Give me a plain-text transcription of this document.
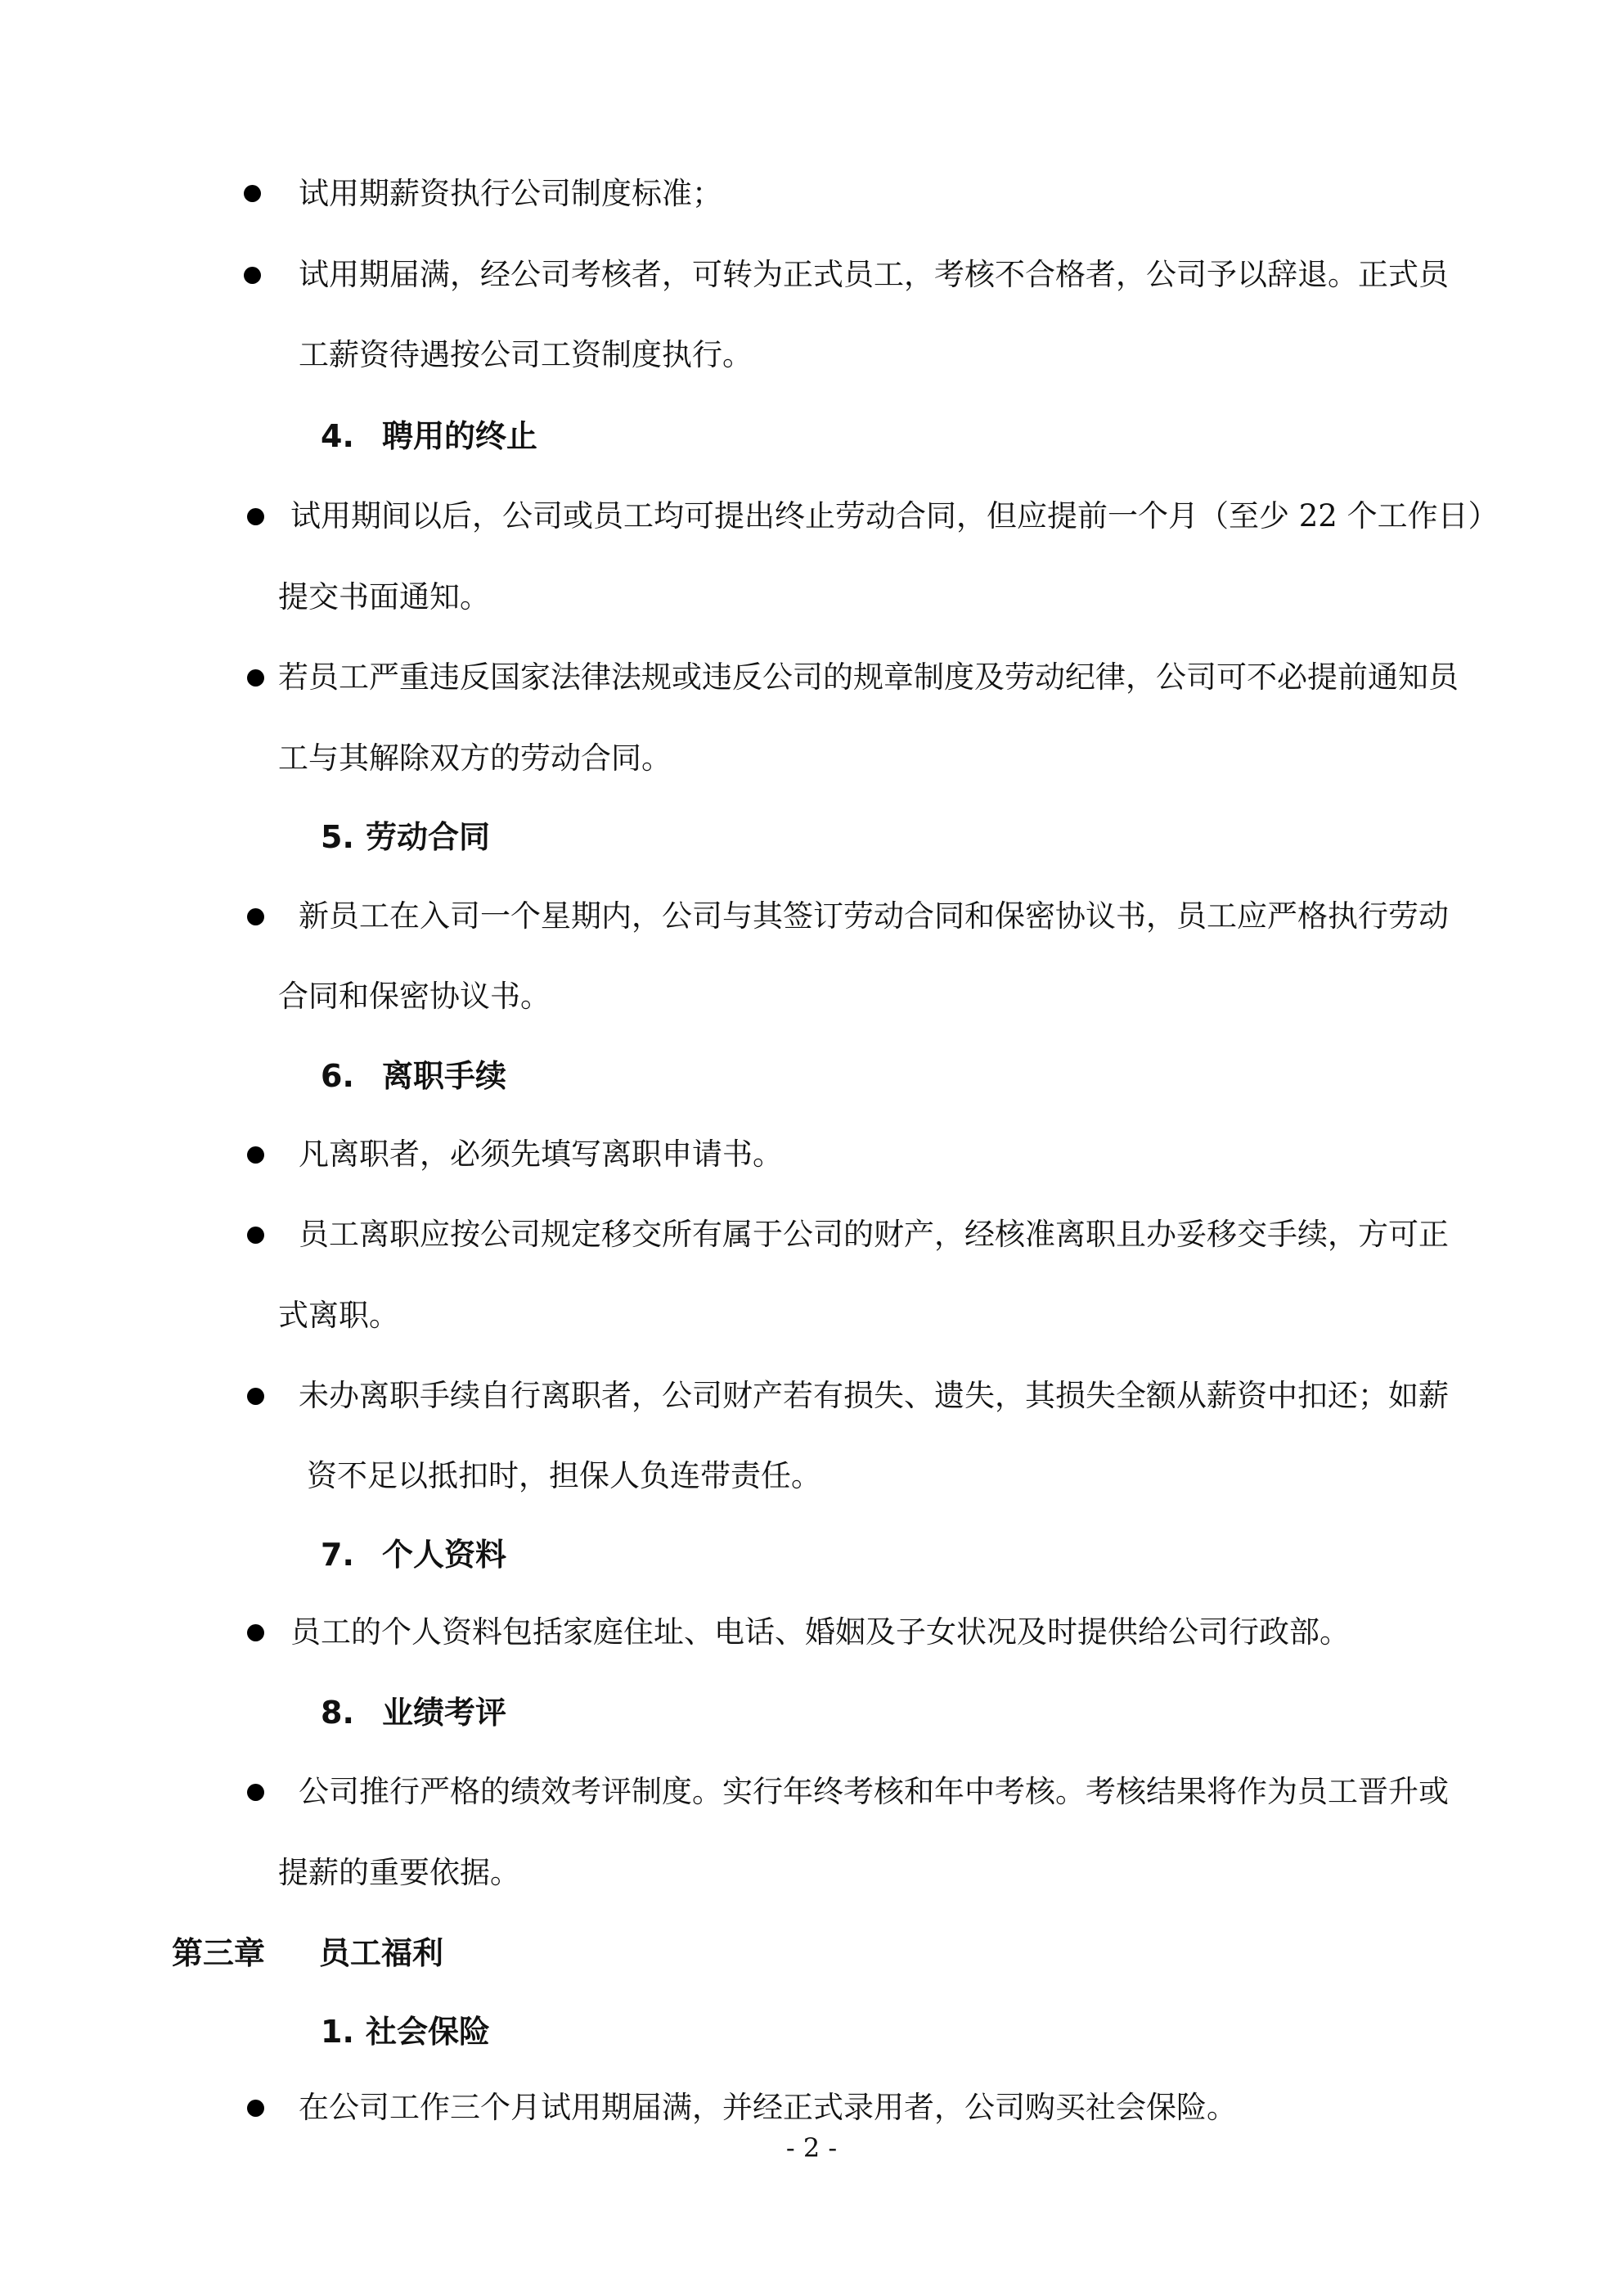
试用期薪资执行公司制度标准；
试用期届满，经公司考核者，可转为正式员工，考核不合格者，公司予以辞退。正式员
工薪资待遇按公司工资制度执行。
4. 聘用的终止
试用期间以后，公司或员工均可提出终止劳动合同，但应提前一个月（至少 22 个工作日）
提交书面通知。
若员工严重违反国家法律法规或违反公司的规章制度及劳动纪律，公司可不必提前通知员
工与其解除双方的劳动合同。
5. 劳动合同
新员工在入司一个星期内，公司与其签订劳动合同和保密协议书，员工应严格执行劳动
合同和保密协议书。
6. 离职手续
凡离职者，必须先填写离职申请书。
员工离职应按公司规定移交所有属于公司的财产，经核准离职且办妥移交手续，方可正
式离职。
未办离职手续自行离职者，公司财产若有损失、遗失，其损失全额从薪资中扣还；如薪
资不足以抵扣时，担保人负连带责任。
7. 个人资料
员工的个人资料包括家庭住址、电话、婚姻及子女状况及时提供给公司行政部。
8. 业绩考评
公司推行严格的绩效考评制度。实行年终考核和年中考核。考核结果将作为员工晋升或
提薪的重要依据。
第三章 员工福利
1. 社会保险
在公司工作三个月试用期届满，并经正式录用者，公司购买社会保险。
- 2 -
